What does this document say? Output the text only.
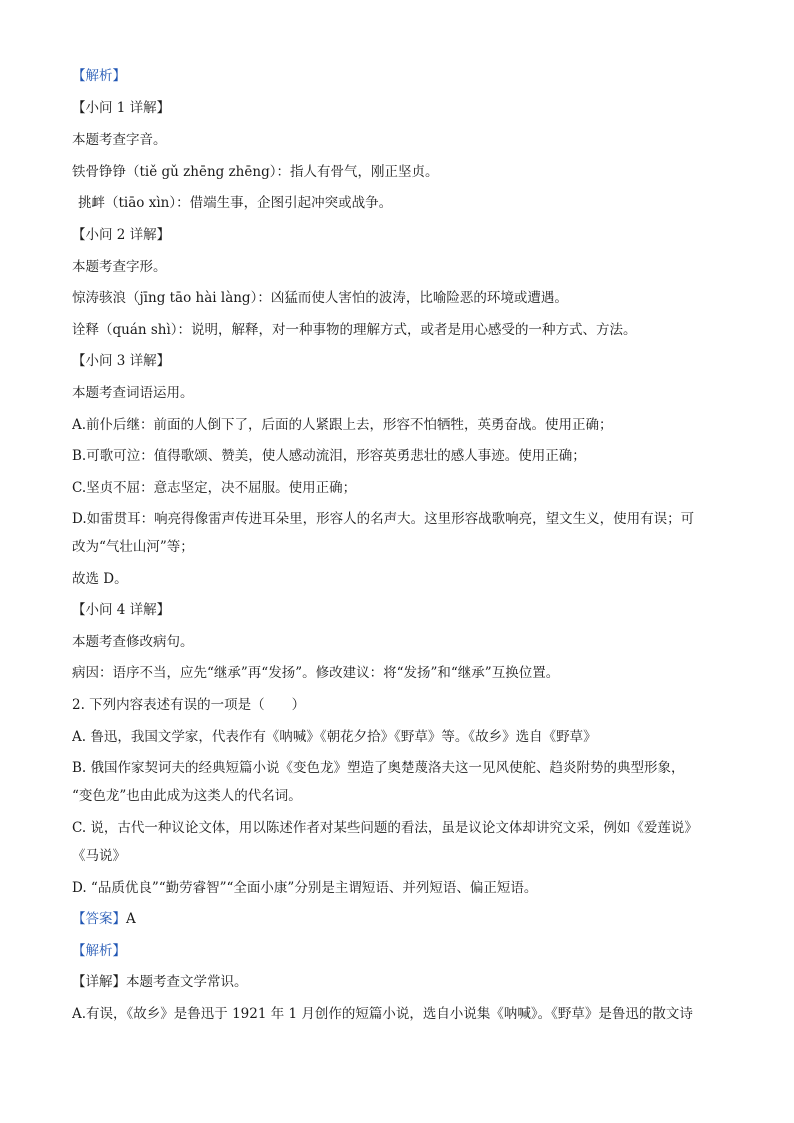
【解析】
【小问 1 详解】
本题考查字音。
铁骨铮铮（tiě gǔ zhēng zhēng）：指人有骨气，刚正坚贞。
挑衅（tiāo xìn）：借端生事，企图引起冲突或战争。
【小问 2 详解】
本题考查字形。
惊涛骇浪（jīng tāo hài làng）：凶猛而使人害怕的波涛，比喻险恶的环境或遭遇。
诠释（quán shì）：说明，解释，对一种事物的理解方式，或者是用心感受的一种方式、方法。
【小问 3 详解】
本题考查词语运用。
A.前仆后继：前面的人倒下了，后面的人紧跟上去，形容不怕牺牲，英勇奋战。使用正确；
B.可歌可泣：值得歌颂、赞美，使人感动流泪，形容英勇悲壮的感人事迹。使用正确；
C.坚贞不屈：意志坚定，决不屈服。使用正确；
D.如雷贯耳：响亮得像雷声传进耳朵里，形容人的名声大。这里形容战歌响亮，望文生义，使用有误；可
改为“气壮山河”等；
故选 D。
【小问 4 详解】
本题考查修改病句。
病因：语序不当，应先“继承”再“发扬”。修改建议：将“发扬”和“继承”互换位置。
2. 下列内容表述有误的一项是（　　）
A. 鲁迅，我国文学家，代表作有《呐喊》《朝花夕拾》《野草》等。《故乡》选自《野草》
B. 俄国作家契诃夫的经典短篇小说《变色龙》塑造了奥楚蔑洛夫这一见风使舵、趋炎附势的典型形象，
“变色龙”也由此成为这类人的代名词。
C. 说，古代一种议论文体，用以陈述作者对某些问题的看法，虽是议论文体却讲究文采，例如《爱莲说》
《马说》
D. “品质优良”“勤劳睿智”“全面小康”分别是主谓短语、并列短语、偏正短语。
【答案】A
【解析】
【详解】本题考查文学常识。
A.有误，《故乡》是鲁迅于 1921 年 1 月创作的短篇小说，选自小说集《呐喊》。《野草》是鲁迅的散文诗
